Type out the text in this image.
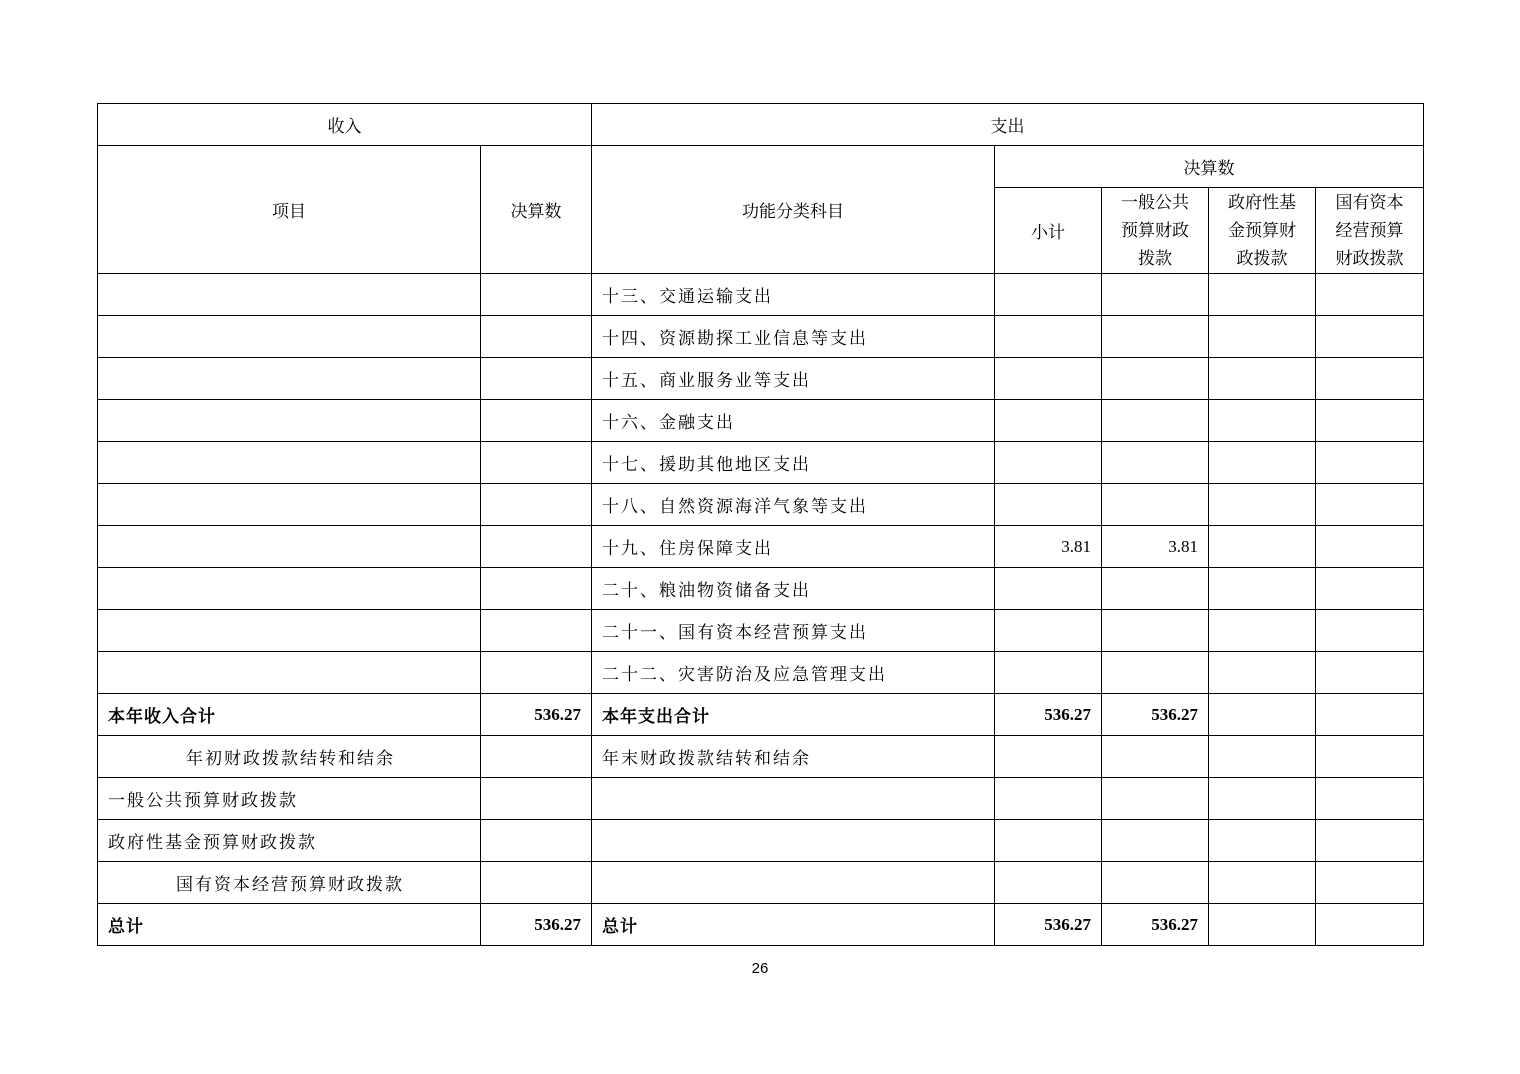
收入		支出				
项目	决算数	功能分类科目	决算数			
			小计	一般公共预算财政拨款	政府性基金预算财政拨款	国有资本经营预算财政拨款

		十三、交通运输支出				
		十四、资源勘探工业信息等支出				
		十五、商业服务业等支出				
		十六、金融支出				
		十七、援助其他地区支出				
		十八、自然资源海洋气象等支出				
		十九、住房保障支出	3.81	3.81		
		二十、粮油物资储备支出				
		二十一、国有资本经营预算支出				
		二十二、灾害防治及应急管理支出				
本年收入合计	536.27	本年支出合计	536.27	536.27		
年初财政拨款结转和结余		年末财政拨款结转和结余				
一般公共预算财政拨款						
政府性基金预算财政拨款						
国有资本经营预算财政拨款						
总计	536.27	总计	536.27	536.27		
26
